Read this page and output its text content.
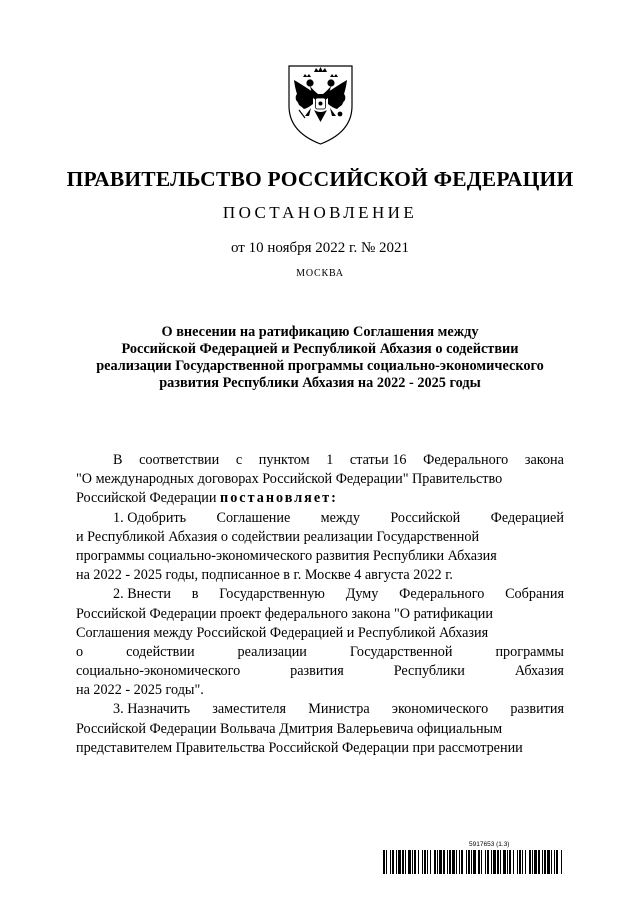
ПРАВИТЕЛЬСТВО РОССИЙСКОЙ ФЕДЕРАЦИИ
ПОСТАНОВЛЕНИЕ
от 10 ноября 2022 г. № 2021
МОСКВА
О внесении на ратификацию Соглашения между
Российской Федерацией и Республикой Абхазия о содействии
реализации Государственной программы социально-экономического
развития Республики Абхазия на 2022 - 2025 годы
В соответствии с пунктом 1 статьи 16 Федерального закона
"О международных договорах Российской Федерации" Правительство
Российской Федерации постановляет:
1. Одобрить Соглашение между Российской Федерацией
и Республикой Абхазия о содействии реализации Государственной
программы социально-экономического развития Республики Абхазия
на 2022 - 2025 годы, подписанное в г. Москве 4 августа 2022 г.
2. Внести в Государственную Думу Федерального Собрания
Российской Федерации проект федерального закона "О ратификации
Соглашения между Российской Федерацией и Республикой Абхазия
о	содействии	реализации	Государственной	программы
социально-экономического	развития	Республики	Абхазия
на 2022 - 2025 годы".
3. Назначить заместителя Министра экономического развития
Российской Федерации Вольвача Дмитрия Валерьевича официальным
представителем Правительства Российской Федерации при рассмотрении
5917653 (1.3)
